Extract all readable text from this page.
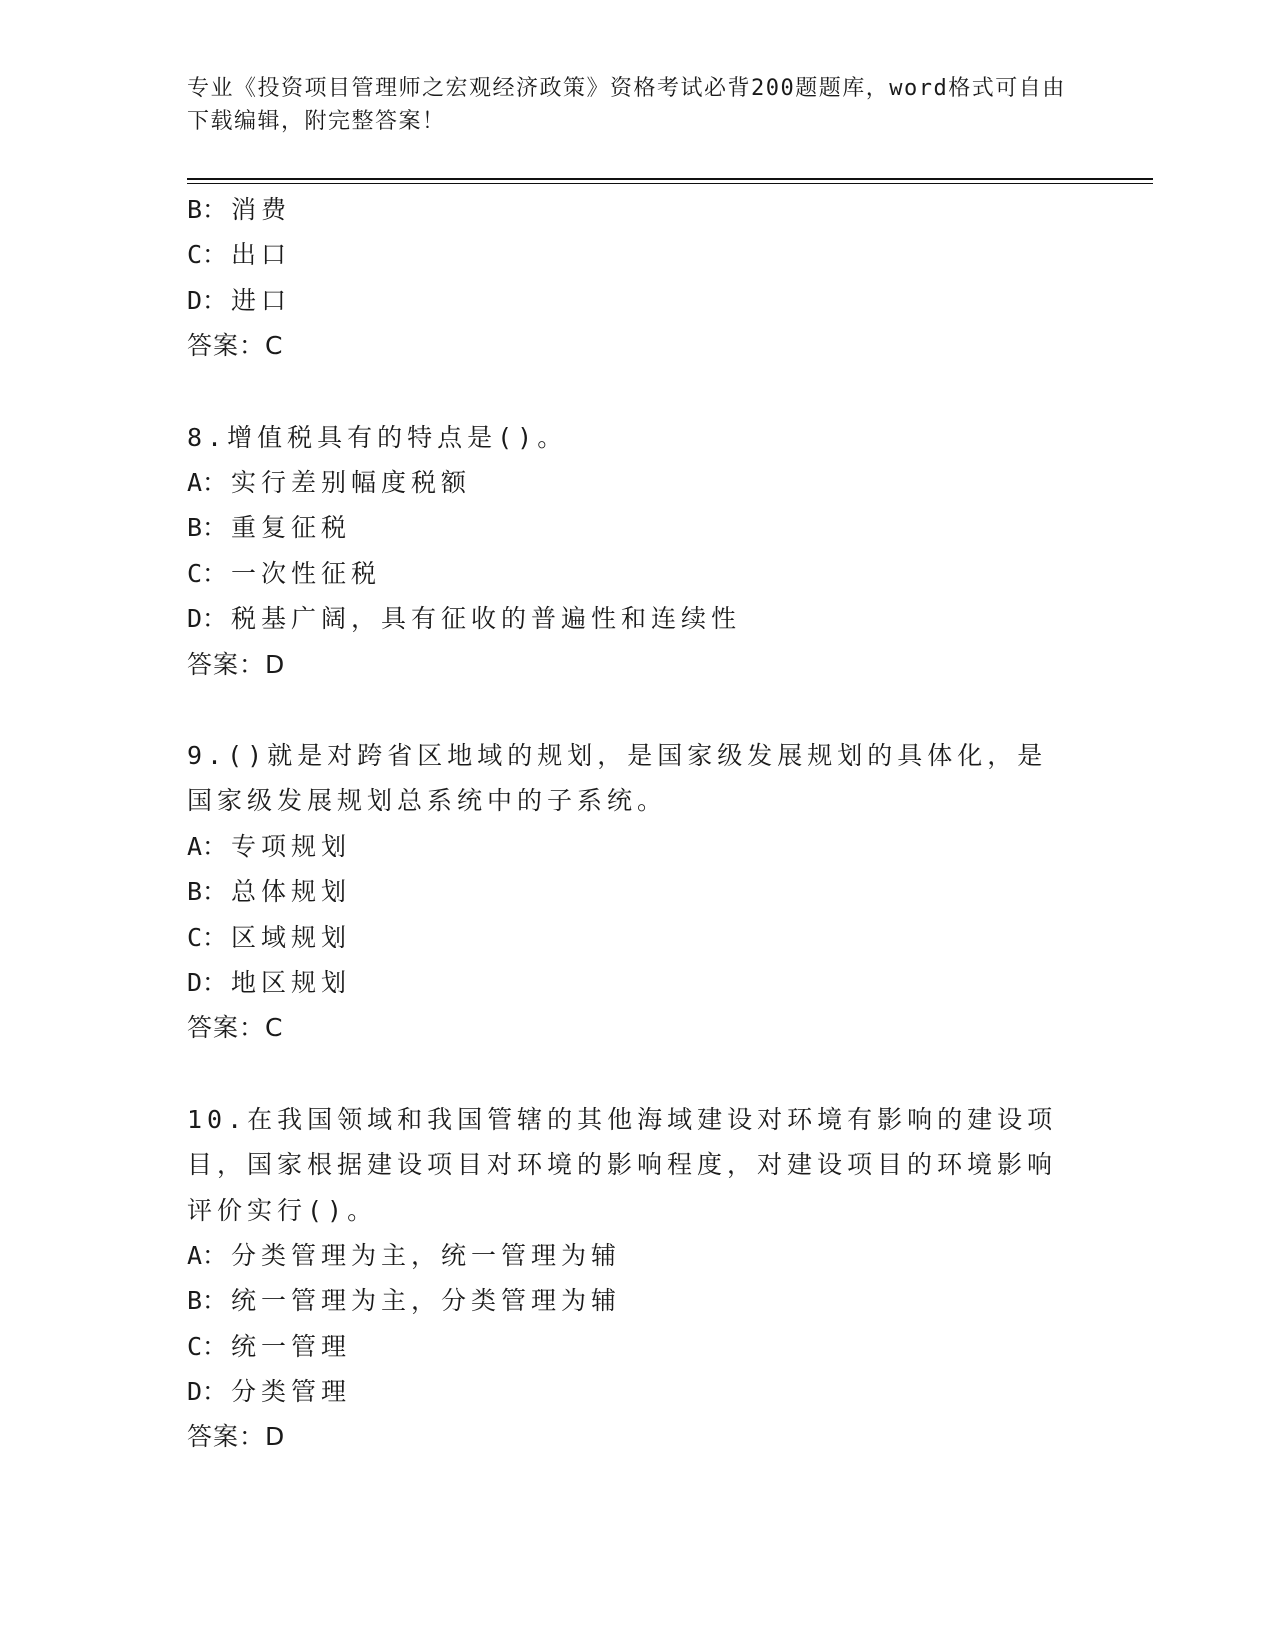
专业《投资项目管理师之宏观经济政策》资格考试必背200题题库，word格式可自由下载编辑，附完整答案！
B： 消费
C： 出口
D： 进口
答案：C
8.增值税具有的特点是()。
A： 实行差别幅度税额
B： 重复征税
C： 一次性征税
D： 税基广阔，具有征收的普遍性和连续性
答案：D
9.()就是对跨省区地域的规划，是国家级发展规划的具体化，是国家级发展规划总系统中的子系统。
A： 专项规划
B： 总体规划
C： 区域规划
D： 地区规划
答案：C
10.在我国领域和我国管辖的其他海域建设对环境有影响的建设项目，国家根据建设项目对环境的影响程度，对建设项目的环境影响评价实行()。
A： 分类管理为主，统一管理为辅
B： 统一管理为主，分类管理为辅
C： 统一管理
D： 分类管理
答案：D
